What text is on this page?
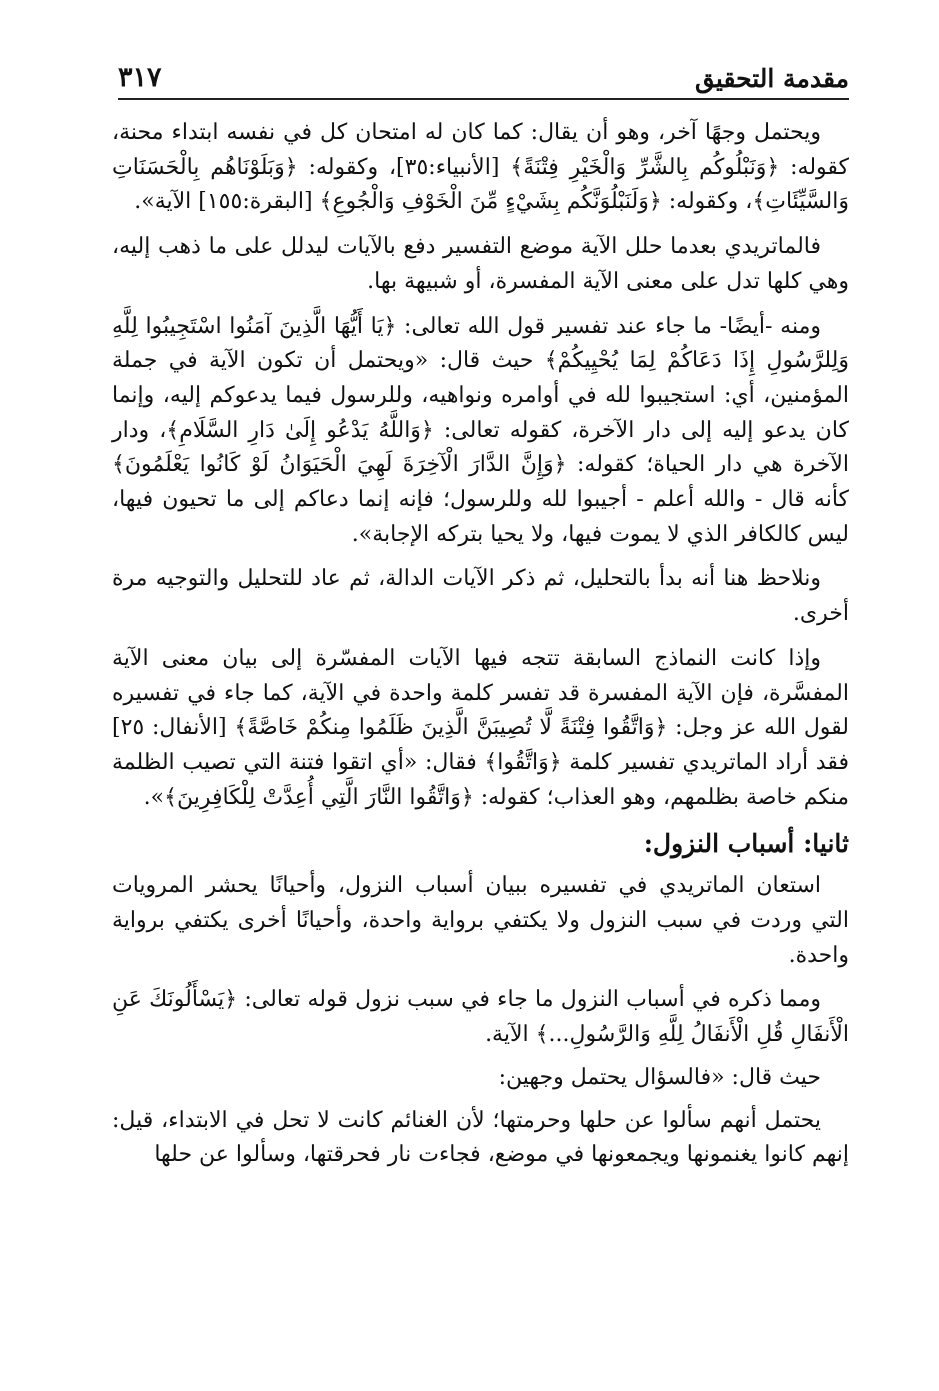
٣١٧	مقدمة التحقيق

ويحتمل وجهًا آخر، وهو أن يقال: كما كان له امتحان كل في نفسه ابتداء محنة، كقوله: ﴿وَنَبْلُوكُم بِالشَّرِّ وَالْخَيْرِ فِتْنَةً﴾ [الأنبياء:٣٥]، وكقوله: ﴿وَبَلَوْنَاهُم بِالْحَسَنَاتِ وَالسَّيِّئَاتِ﴾، وكقوله: ﴿وَلَنَبْلُوَنَّكُم بِشَيْءٍ مِّنَ الْخَوْفِ وَالْجُوعِ﴾ [البقرة:١٥٥] الآية».

فالماتريدي بعدما حلل الآية موضع التفسير دفع بالآيات ليدلل على ما ذهب إليه، وهي كلها تدل على معنى الآية المفسرة، أو شبيهة بها.

ومنه -أيضًا- ما جاء عند تفسير قول الله تعالى: ﴿يَا أَيُّهَا الَّذِينَ آمَنُوا اسْتَجِيبُوا لِلَّهِ وَلِلرَّسُولِ إِذَا دَعَاكُمْ لِمَا يُحْيِيكُمْ﴾ حيث قال: «ويحتمل أن تكون الآية في جملة المؤمنين، أي: استجيبوا لله في أوامره ونواهيه، وللرسول فيما يدعوكم إليه، وإنما كان يدعو إليه إلى دار الآخرة، كقوله تعالى: ﴿وَاللَّهُ يَدْعُو إِلَىٰ دَارِ السَّلَامِ﴾، ودار الآخرة هي دار الحياة؛ كقوله: ﴿وَإِنَّ الدَّارَ الْآخِرَةَ لَهِيَ الْحَيَوَانُ لَوْ كَانُوا يَعْلَمُونَ﴾ كأنه قال - والله أعلم - أجيبوا لله وللرسول؛ فإنه إنما دعاكم إلى ما تحيون فيها، ليس كالكافر الذي لا يموت فيها، ولا يحيا بتركه الإجابة».

ونلاحظ هنا أنه بدأ بالتحليل، ثم ذكر الآيات الدالة، ثم عاد للتحليل والتوجيه مرة أخرى.

وإذا كانت النماذج السابقة تتجه فيها الآيات المفسّرة إلى بيان معنى الآية المفسَّرة، فإن الآية المفسرة قد تفسر كلمة واحدة في الآية، كما جاء في تفسيره لقول الله عز وجل: ﴿وَاتَّقُوا فِتْنَةً لَّا تُصِيبَنَّ الَّذِينَ ظَلَمُوا مِنكُمْ خَاصَّةً﴾ [الأنفال: ٢٥] فقد أراد الماتريدي تفسير كلمة ﴿وَاتَّقُوا﴾ فقال: «أي اتقوا فتنة التي تصيب الظلمة منكم خاصة بظلمهم، وهو العذاب؛ كقوله: ﴿وَاتَّقُوا النَّارَ الَّتِي أُعِدَّتْ لِلْكَافِرِينَ﴾».

ثانيا: أسباب النزول:

استعان الماتريدي في تفسيره ببيان أسباب النزول، وأحيانًا يحشر المرويات التي وردت في سبب النزول ولا يكتفي برواية واحدة، وأحيانًا أخرى يكتفي برواية واحدة.

ومما ذكره في أسباب النزول ما جاء في سبب نزول قوله تعالى: ﴿يَسْأَلُونَكَ عَنِ الْأَنفَالِ قُلِ الْأَنفَالُ لِلَّهِ وَالرَّسُولِ...﴾ الآية.

حيث قال: «فالسؤال يحتمل وجهين:

يحتمل أنهم سألوا عن حلها وحرمتها؛ لأن الغنائم كانت لا تحل في الابتداء، قيل: إنهم كانوا يغنمونها ويجمعونها في موضع، فجاءت نار فحرقتها، وسألوا عن حلها
